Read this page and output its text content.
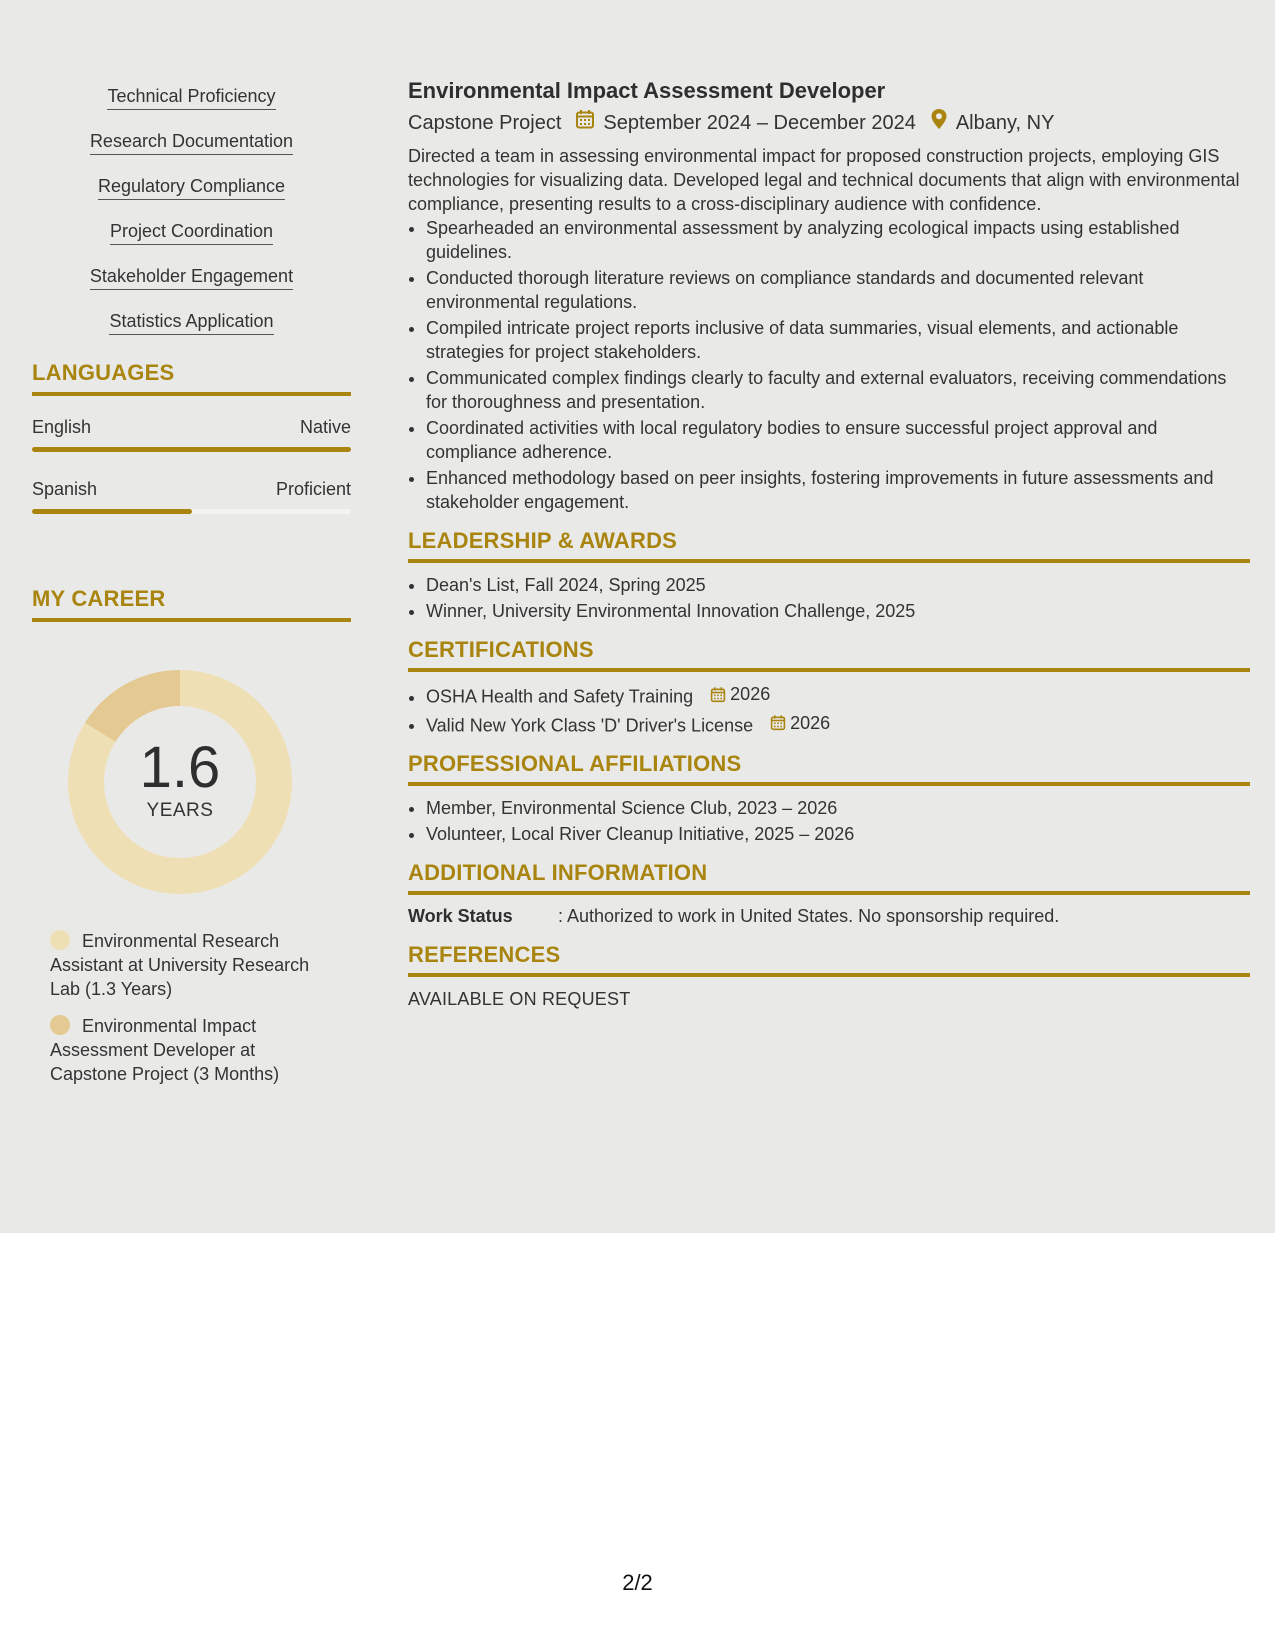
Technical Proficiency
Research Documentation
Regulatory Compliance
Project Coordination
Stakeholder Engagement
Statistics Application
LANGUAGES
English	Native
Spanish	Proficient
MY CAREER
1.6
YEARS
Environmental Research Assistant at University Research Lab (1.3 Years)
Environmental Impact Assessment Developer at Capstone Project (3 Months)
Environmental Impact Assessment Developer
Capstone Project September 2024 – December 2024 Albany, NY

Directed a team in assessing environmental impact for proposed construction projects, employing GIS technologies for visualizing data. Developed legal and technical documents that align with environmental compliance, presenting results to a cross-disciplinary audience with confidence.

• Spearheaded an environmental assessment by analyzing ecological impacts using established guidelines.
• Conducted thorough literature reviews on compliance standards and documented relevant environmental regulations.
• Compiled intricate project reports inclusive of data summaries, visual elements, and actionable strategies for project stakeholders.
• Communicated complex findings clearly to faculty and external evaluators, receiving commendations for thoroughness and presentation.
• Coordinated activities with local regulatory bodies to ensure successful project approval and compliance adherence.
• Enhanced methodology based on peer insights, fostering improvements in future assessments and stakeholder engagement.
LEADERSHIP & AWARDS
• Dean's List, Fall 2024, Spring 2025
• Winner, University Environmental Innovation Challenge, 2025
CERTIFICATIONS
• OSHA Health and Safety Training 2026
• Valid New York Class 'D' Driver's License 2026
PROFESSIONAL AFFILIATIONS
• Member, Environmental Science Club, 2023 – 2026
• Volunteer, Local River Cleanup Initiative, 2025 – 2026
ADDITIONAL INFORMATION
Work Status	: Authorized to work in United States. No sponsorship required.
REFERENCES
AVAILABLE ON REQUEST
2/2
